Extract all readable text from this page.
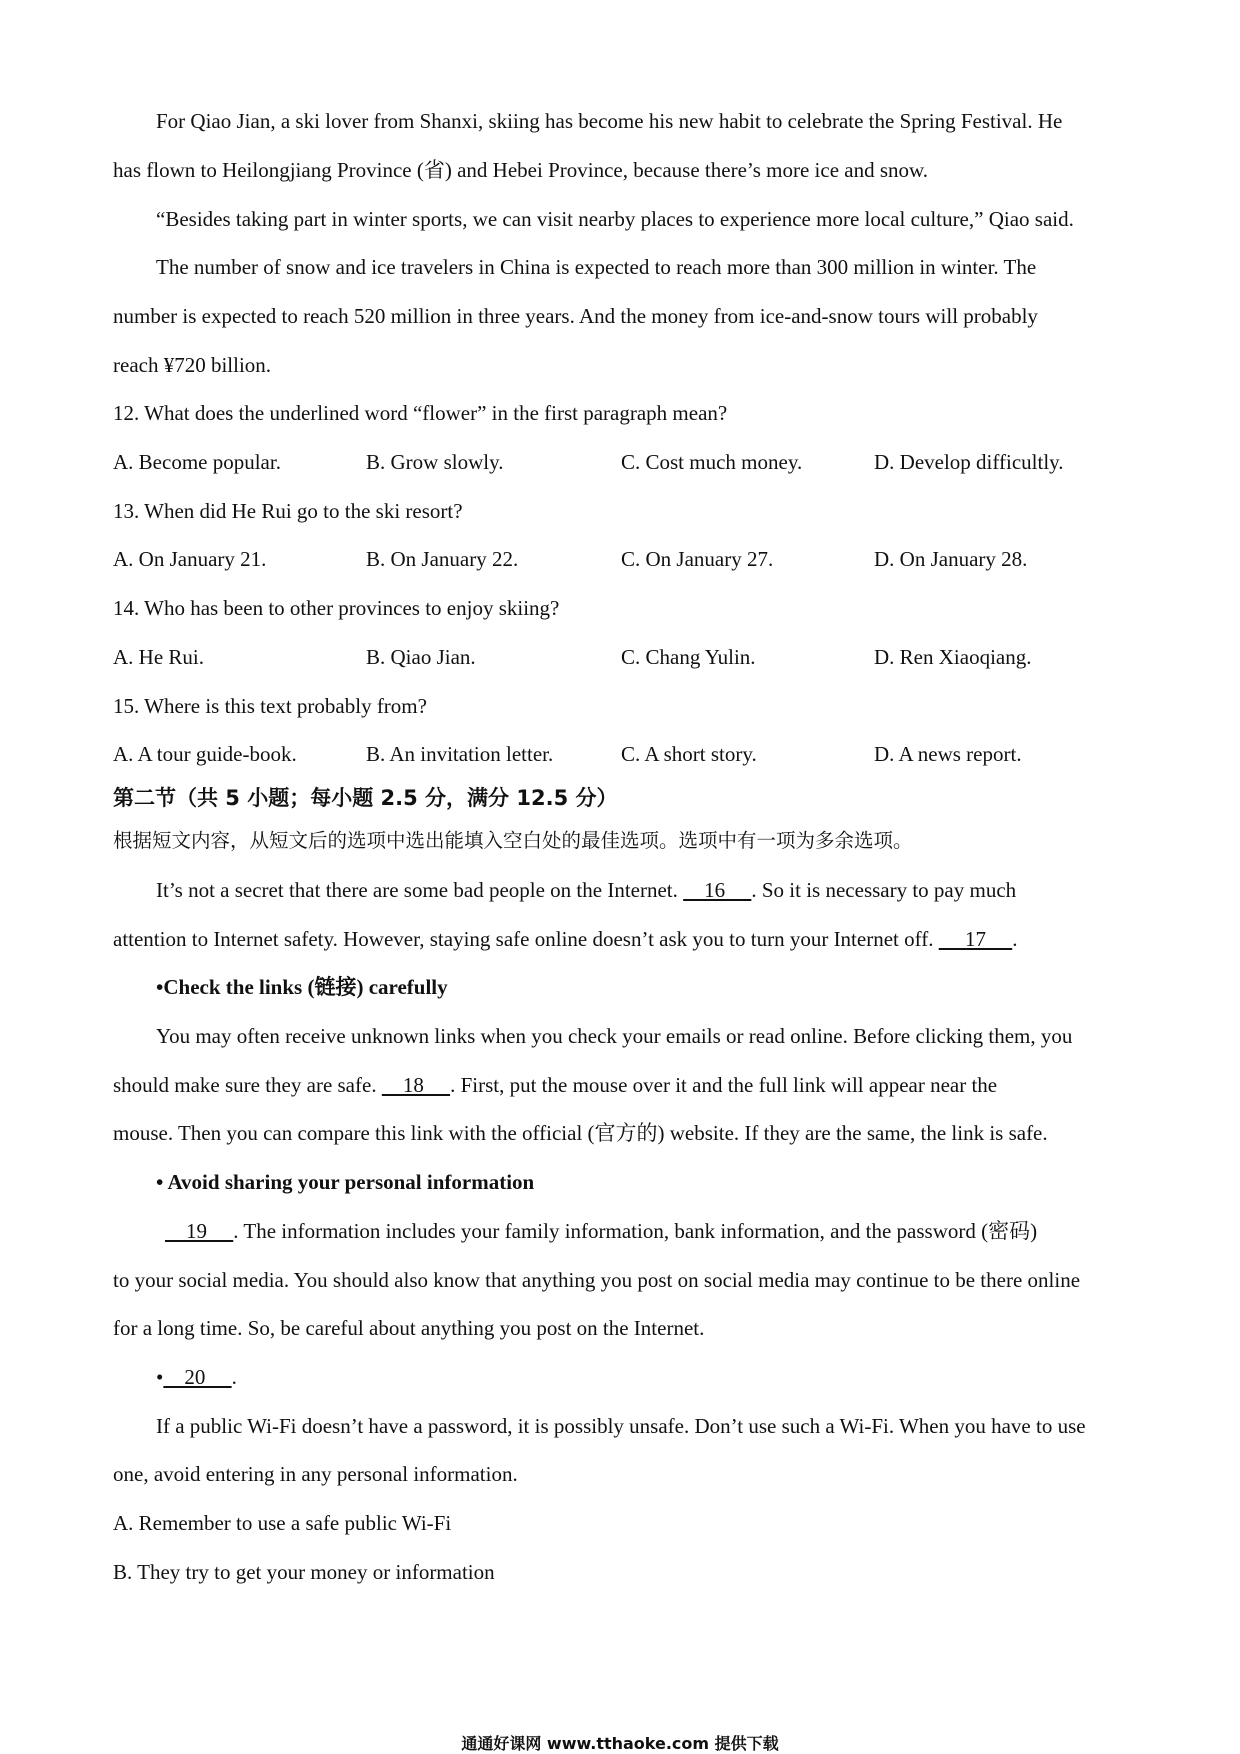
For Qiao Jian, a ski lover from Shanxi, skiing has become his new habit to celebrate the Spring Festival. He
has flown to Heilongjiang Province (省) and Hebei Province, because there’s more ice and snow.
“Besides taking part in winter sports, we can visit nearby places to experience more local culture,” Qiao said.
The number of snow and ice travelers in China is expected to reach more than 300 million in winter. The
number is expected to reach 520 million in three years. And the money from ice-and-snow tours will probably
reach ¥720 billion.
12. What does the underlined word “flower” in the first paragraph mean?
A. Become popular.	B. Grow slowly.	C. Cost much money.	D. Develop difficultly.
13. When did He Rui go to the ski resort?
A. On January 21.	B. On January 22.	C. On January 27.	D. On January 28.
14. Who has been to other provinces to enjoy skiing?
A. He Rui.	B. Qiao Jian.	C. Chang Yulin.	D. Ren Xiaoqiang.
15. Where is this text probably from?
A. A tour guide-book.	B. An invitation letter.	C. A short story.	D. A news report.
第二节（共 5 小题；每小题 2.5 分，满分 12.5 分）
根据短文内容，从短文后的选项中选出能填入空白处的最佳选项。选项中有一项为多余选项。
It’s not a secret that there are some bad people on the Internet.     16     . So it is necessary to pay much
attention to Internet safety. However, staying safe online doesn’t ask you to turn your Internet off.      17     .
•Check the links (链接) carefully
You may often receive unknown links when you check your emails or read online. Before clicking them, you
should make sure they are safe.     18     . First, put the mouse over it and the full link will appear near the
mouse. Then you can compare this link with the official (官方的) website. If they are the same, the link is safe.
• Avoid sharing your personal information
19     . The information includes your family information, bank information, and the password (密码)
to your social media. You should also know that anything you post on social media may continue to be there online
for a long time. So, be careful about anything you post on the Internet.
•    20     .
If a public Wi-Fi doesn’t have a password, it is possibly unsafe. Don’t use such a Wi-Fi. When you have to use
one, avoid entering in any personal information.
A. Remember to use a safe public Wi-Fi
B. They try to get your money or information
通通好课网 www.tthaoke.com 提供下载
